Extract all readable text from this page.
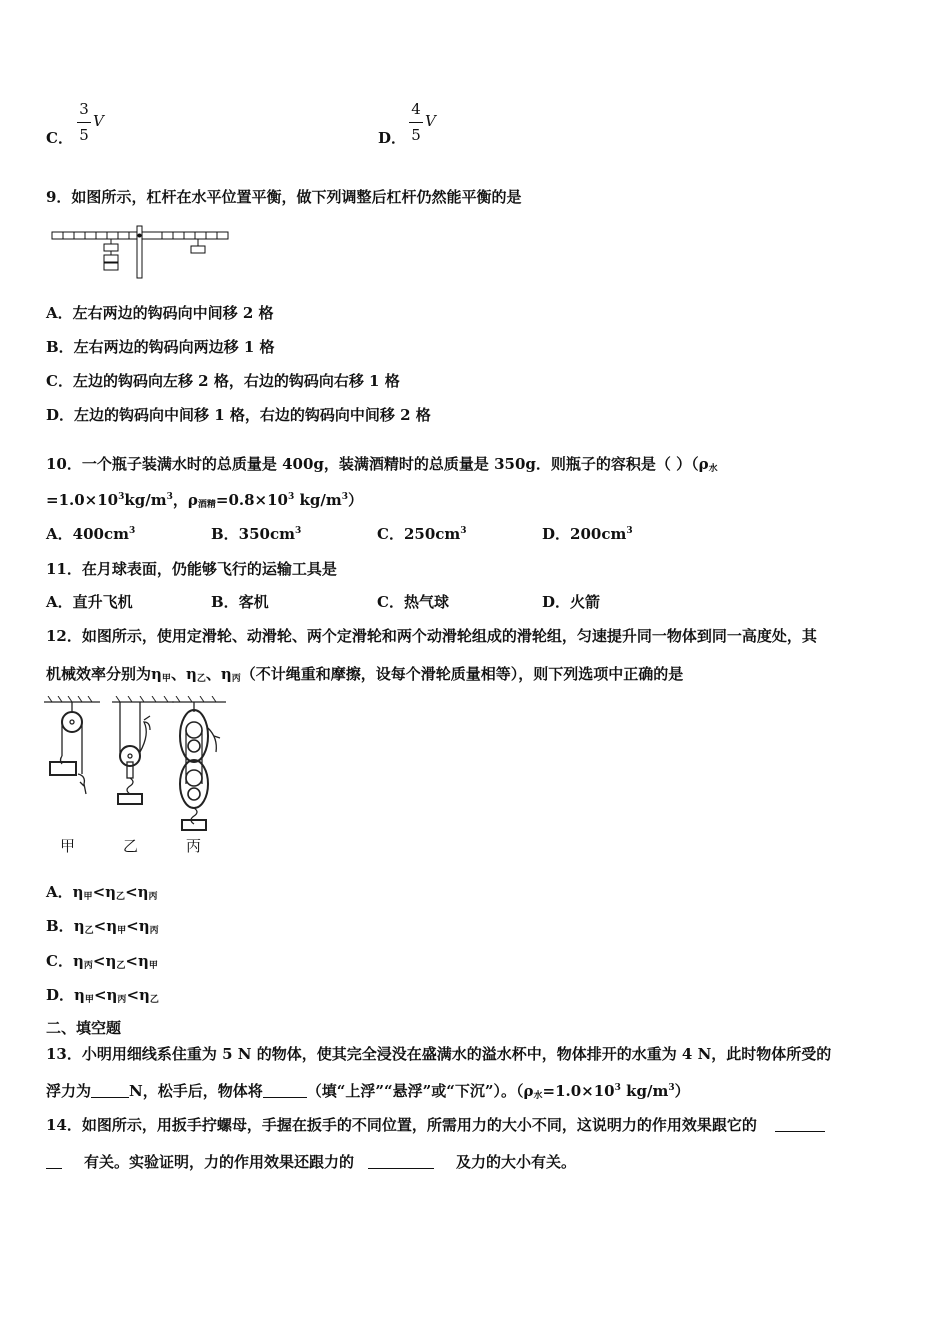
C．
3
5
V
D．
4
5
V
9．如图所示，杠杆在水平位置平衡，做下列调整后杠杆仍然能平衡的是
A．左右两边的钩码向中间移 2 格
B．左右两边的钩码向两边移 1 格
C．左边的钩码向左移 2 格，右边的钩码向右移 1 格
D．左边的钩码向中间移 1 格，右边的钩码向中间移 2 格
10．一个瓶子装满水时的总质量是 400g，装满酒精时的总质量是 350g．则瓶子的容积是（ ）（$\rho_水$
$=1.0\times 10^3kg/m^3$，$\rho_{酒精}=0.8\times 10^3$ $kg/m^3$）
A．$400cm^3$	B．$350cm^3$	C．$250cm^3$	D．$200cm^3$
11．在月球表面，仍能够飞行的运输工具是
A．直升飞机	B．客机	C．热气球	D．火箭
12．如图所示，使用定滑轮、动滑轮、两个定滑轮和两个动滑轮组成的滑轮组，匀速提升同一物体到同一高度处，其
机械效率分别为$\eta_甲$、$\eta_乙$、$\eta_丙$（不计绳重和摩擦，设每个滑轮质量相等），则下列选项中正确的是
甲	乙	丙
A．$\eta_甲<\eta_乙<\eta_丙$
B．$\eta_乙<\eta_甲<\eta_丙$
C．$\eta_丙<\eta_乙<\eta_甲$
D．$\eta_甲<\eta_丙<\eta_乙$
二、填空题
13．小明用细线系住重为 5 N 的物体，使其完全浸没在盛满水的溢水杯中，物体排开的水重为 4 N，此时物体所受的
浮力为	N，松手后，物体将	（填“上浮”“悬浮”或“下沉”）。（$\rho_水=1.0\times 10^3$ $kg/m^3$）
14．如图所示，用扳手拧螺母，手握在扳手的不同位置，所需用力的大小不同，这说明力的作用效果跟它的
有关。实验证明，力的作用效果还跟力的	及力的大小有关。
